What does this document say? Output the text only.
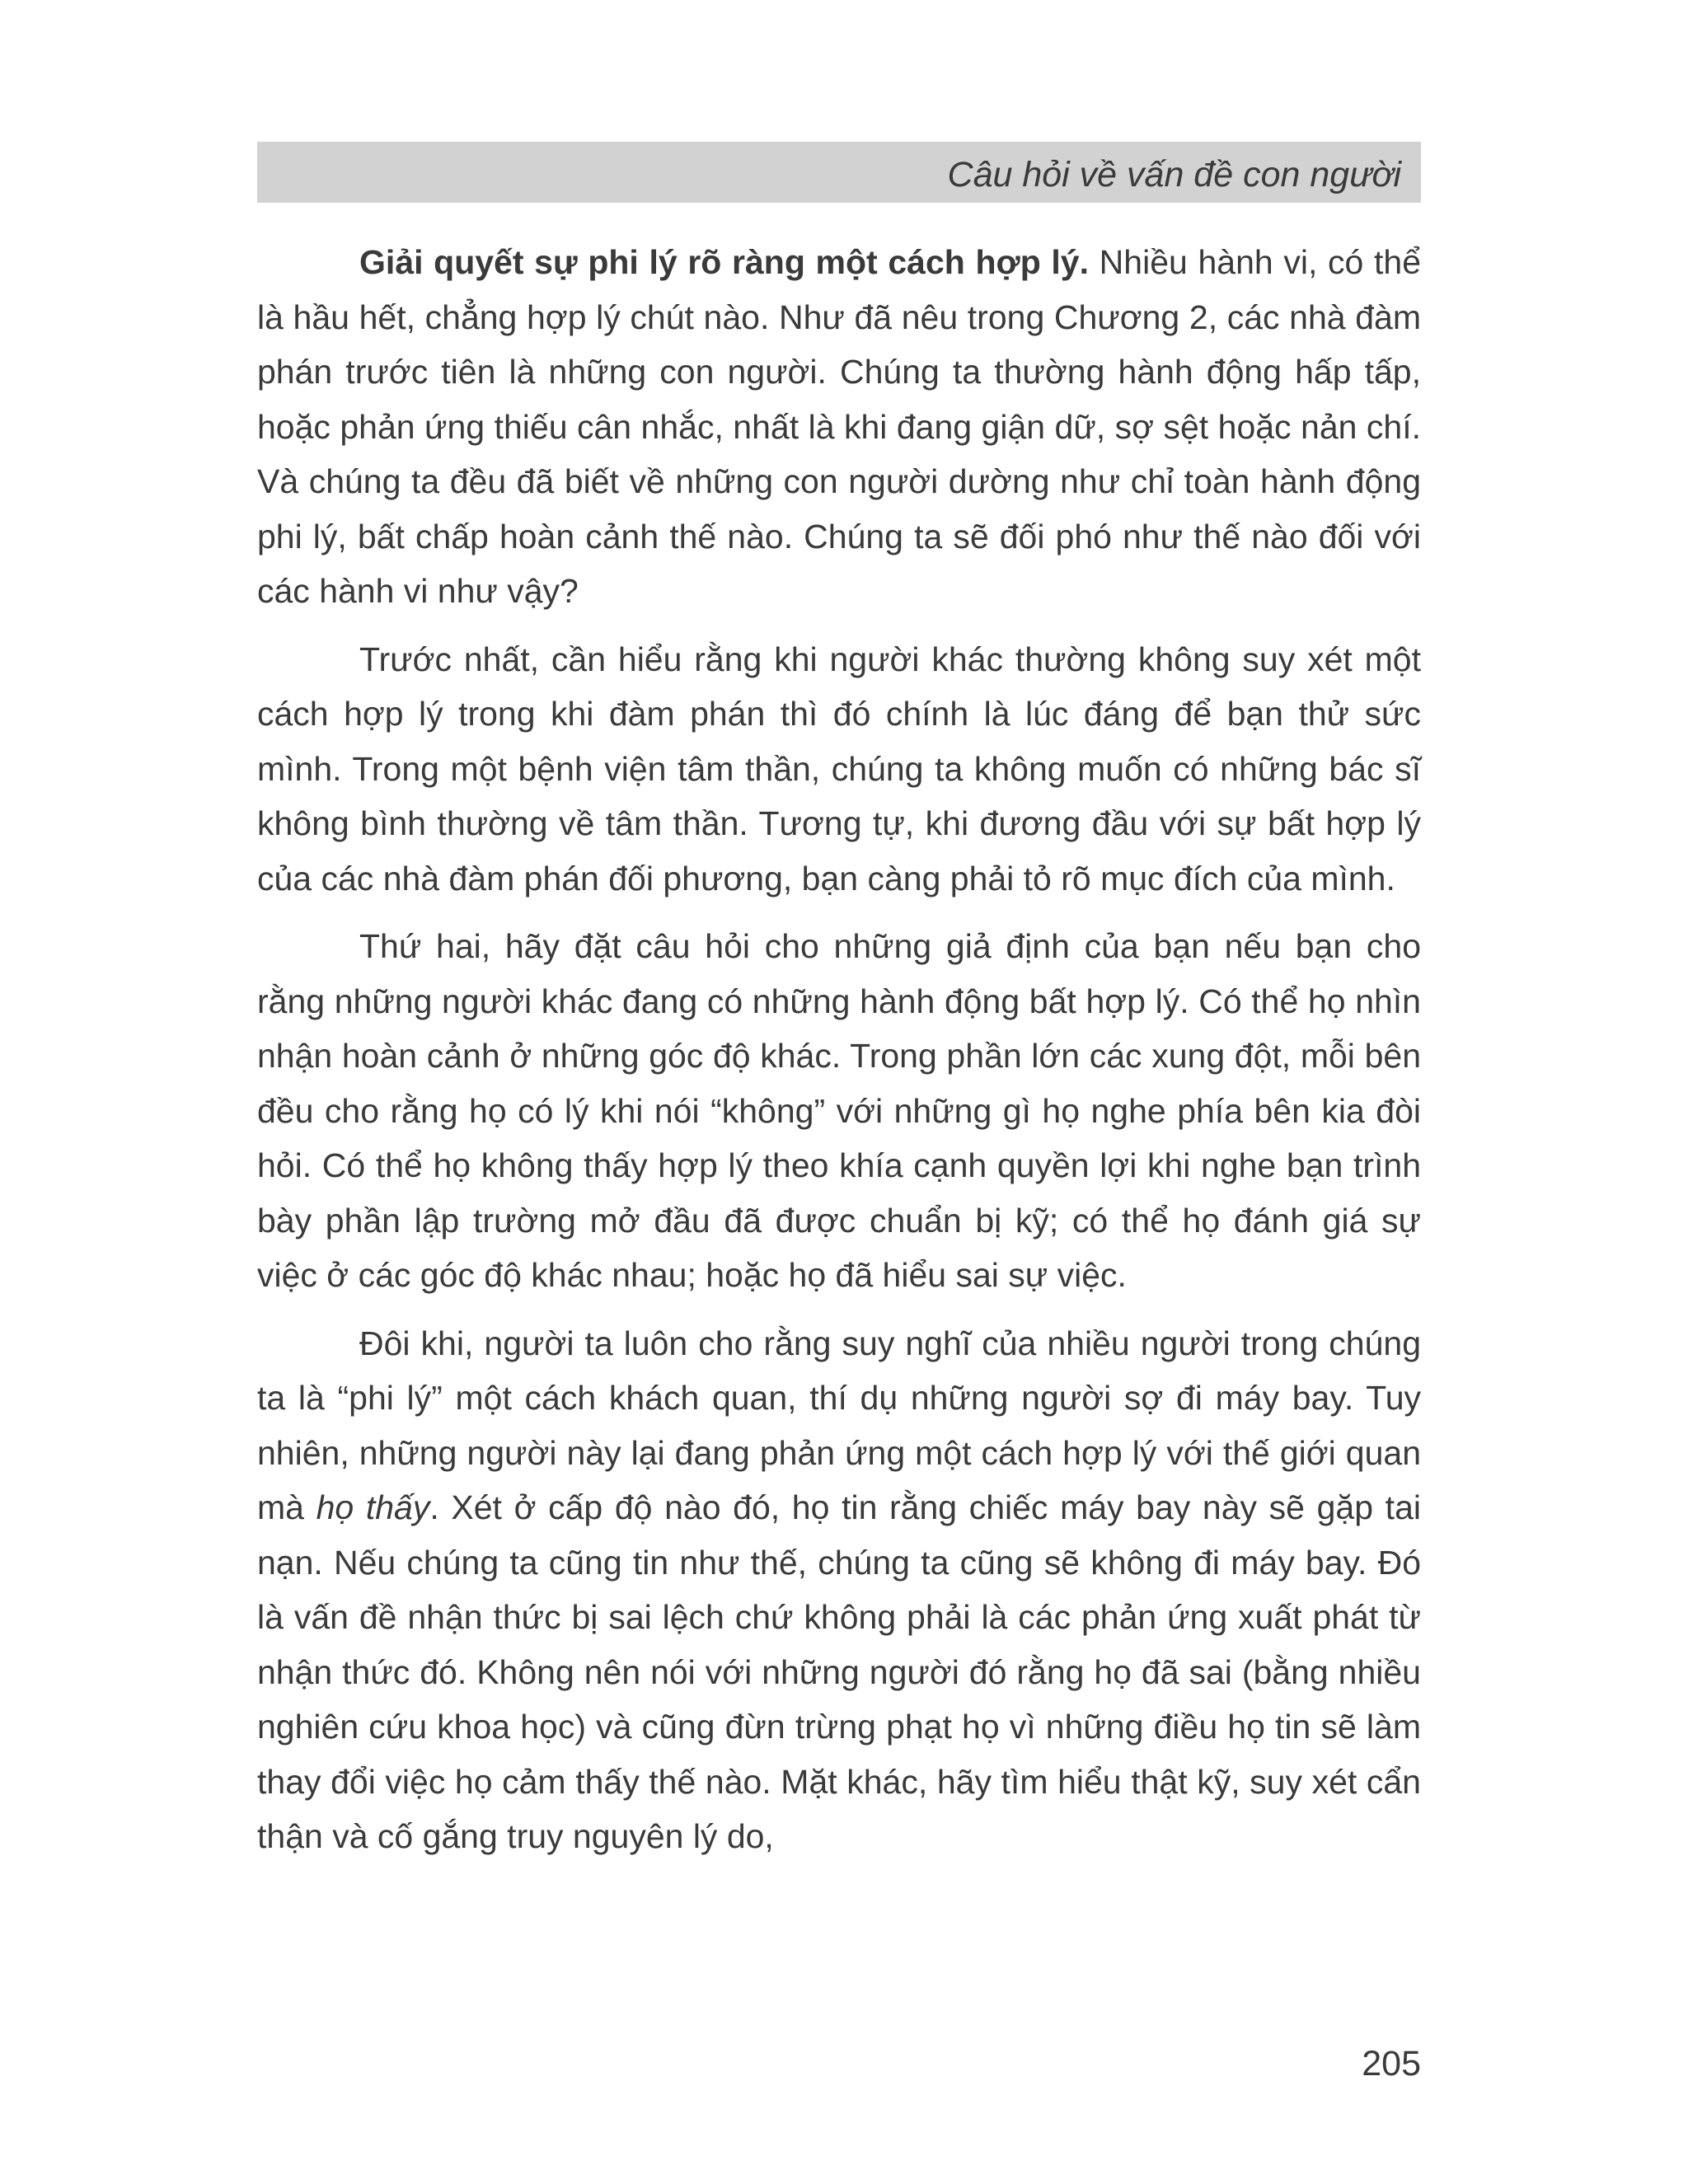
Câu hỏi về vấn đề con người

Giải quyết sự phi lý rõ ràng một cách hợp lý. Nhiều hành vi, có thể là hầu hết, chẳng hợp lý chút nào. Như đã nêu trong Chương 2, các nhà đàm phán trước tiên là những con người. Chúng ta thường hành động hấp tấp, hoặc phản ứng thiếu cân nhắc, nhất là khi đang giận dữ, sợ sệt hoặc nản chí. Và chúng ta đều đã biết về những con người dường như chỉ toàn hành động phi lý, bất chấp hoàn cảnh thế nào. Chúng ta sẽ đối phó như thế nào đối với các hành vi như vậy?

Trước nhất, cần hiểu rằng khi người khác thường không suy xét một cách hợp lý trong khi đàm phán thì đó chính là lúc đáng để bạn thử sức mình. Trong một bệnh viện tâm thần, chúng ta không muốn có những bác sĩ không bình thường về tâm thần. Tương tự, khi đương đầu với sự bất hợp lý của các nhà đàm phán đối phương, bạn càng phải tỏ rõ mục đích của mình.

Thứ hai, hãy đặt câu hỏi cho những giả định của bạn nếu bạn cho rằng những người khác đang có những hành động bất hợp lý. Có thể họ nhìn nhận hoàn cảnh ở những góc độ khác. Trong phần lớn các xung đột, mỗi bên đều cho rằng họ có lý khi nói “không” với những gì họ nghe phía bên kia đòi hỏi. Có thể họ không thấy hợp lý theo khía cạnh quyền lợi khi nghe bạn trình bày phần lập trường mở đầu đã được chuẩn bị kỹ; có thể họ đánh giá sự việc ở các góc độ khác nhau; hoặc họ đã hiểu sai sự việc.

Đôi khi, người ta luôn cho rằng suy nghĩ của nhiều người trong chúng ta là “phi lý” một cách khách quan, thí dụ những người sợ đi máy bay. Tuy nhiên, những người này lại đang phản ứng một cách hợp lý với thế giới quan mà họ thấy. Xét ở cấp độ nào đó, họ tin rằng chiếc máy bay này sẽ gặp tai nạn. Nếu chúng ta cũng tin như thế, chúng ta cũng sẽ không đi máy bay. Đó là vấn đề nhận thức bị sai lệch chứ không phải là các phản ứng xuất phát từ nhận thức đó. Không nên nói với những người đó rằng họ đã sai (bằng nhiều nghiên cứu khoa học) và cũng đừn trừng phạt họ vì những điều họ tin sẽ làm thay đổi việc họ cảm thấy thế nào. Mặt khác, hãy tìm hiểu thật kỹ, suy xét cẩn thận và cố gắng truy nguyên lý do,

205
